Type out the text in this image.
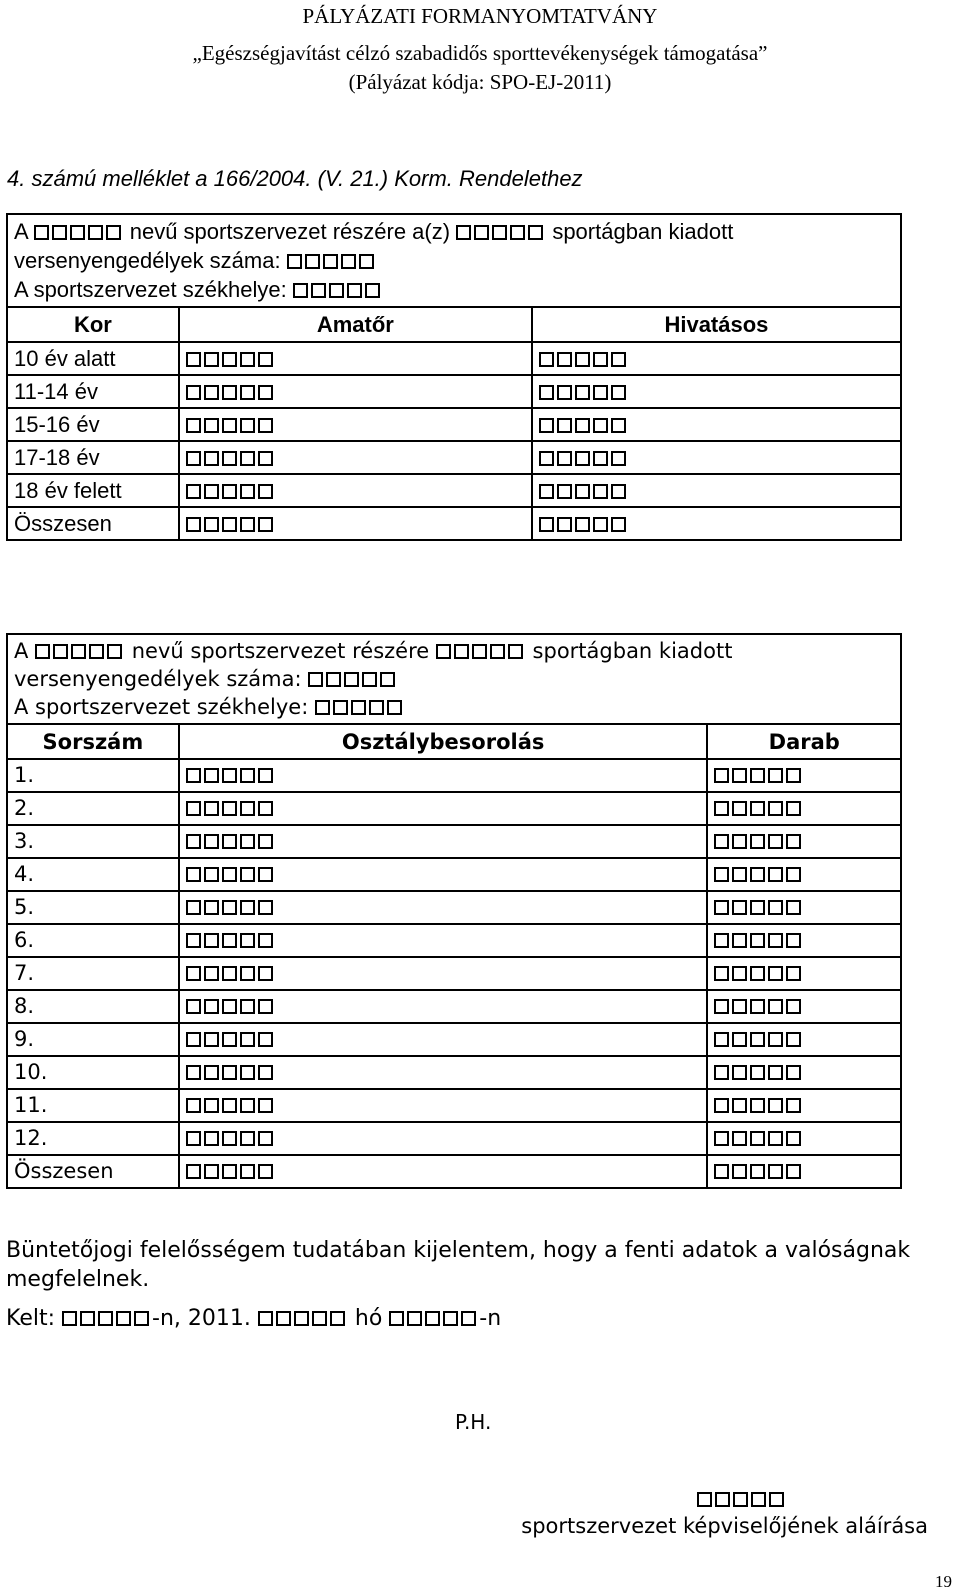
PÁLYÁZATI FORMANYOMTATVÁNY
„Egészségjavítást célzó szabadidős sporttevékenységek támogatása”
(Pályázat kódja: SPO-EJ-2011)
4. számú melléklet a 166/2004. (V. 21.) Korm. Rendelethez
A nevű sportszervezet részére a(z) sportágban kiadott versenyengedélyek száma:
A sportszervezet székhelye:		
Kor	Amatőr	Hivatásos
10 év alatt		
11-14 év		
15-16 év		
17-18 év		
18 év felett		
Összesen		
A nevű sportszervezet részére sportágban kiadott versenyengedélyek száma:
A sportszervezet székhelye:		
Sorszám	Osztálybesorolás	Darab
1.		
2.		
3.		
4.		
5.		
6.		
7.		
8.		
9.		
10.		
11.		
12.		
Összesen		
Büntetőjogi felelősségem tudatában kijelentem, hogy a fenti adatok a valóságnak megfelelnek.
Kelt:	-n, 2011.	hó	-n
P.H.
sportszervezet képviselőjének aláírása
19
